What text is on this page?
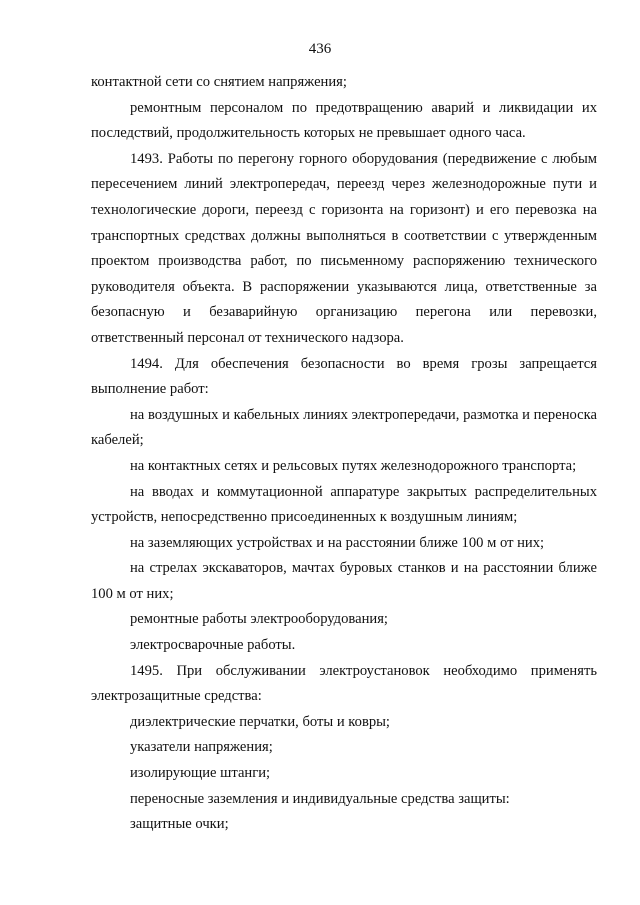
436

контактной сети со снятием напряжения;

ремонтным персоналом по предотвращению аварий и ликвидации их последствий, продолжительность которых не превышает одного часа.

1493. Работы по перегону горного оборудования (передвижение с любым пересечением линий электропередач, переезд через железнодорожные пути и технологические дороги, переезд с горизонта на горизонт) и его перевозка на транспортных средствах должны выполняться в соответствии с утвержденным проектом производства работ, по письменному распоряжению технического руководителя объекта. В распоряжении указываются лица, ответственные за безопасную и безаварийную организацию перегона или перевозки, ответственный персонал от технического надзора.

1494. Для обеспечения безопасности во время грозы запрещается выполнение работ:

на воздушных и кабельных линиях электропередачи, размотка и переноска кабелей;

на контактных сетях и рельсовых путях железнодорожного транспорта;

на вводах и коммутационной аппаратуре закрытых распределительных устройств, непосредственно присоединенных к воздушным линиям;

на заземляющих устройствах и на расстоянии ближе 100 м от них;

на стрелах экскаваторов, мачтах буровых станков и на расстоянии ближе 100 м от них;

ремонтные работы электрооборудования;

электросварочные работы.

1495. При обслуживании электроустановок необходимо применять электрозащитные средства:

диэлектрические перчатки, боты и ковры;

указатели напряжения;

изолирующие штанги;

переносные заземления и индивидуальные средства защиты:

защитные очки;
